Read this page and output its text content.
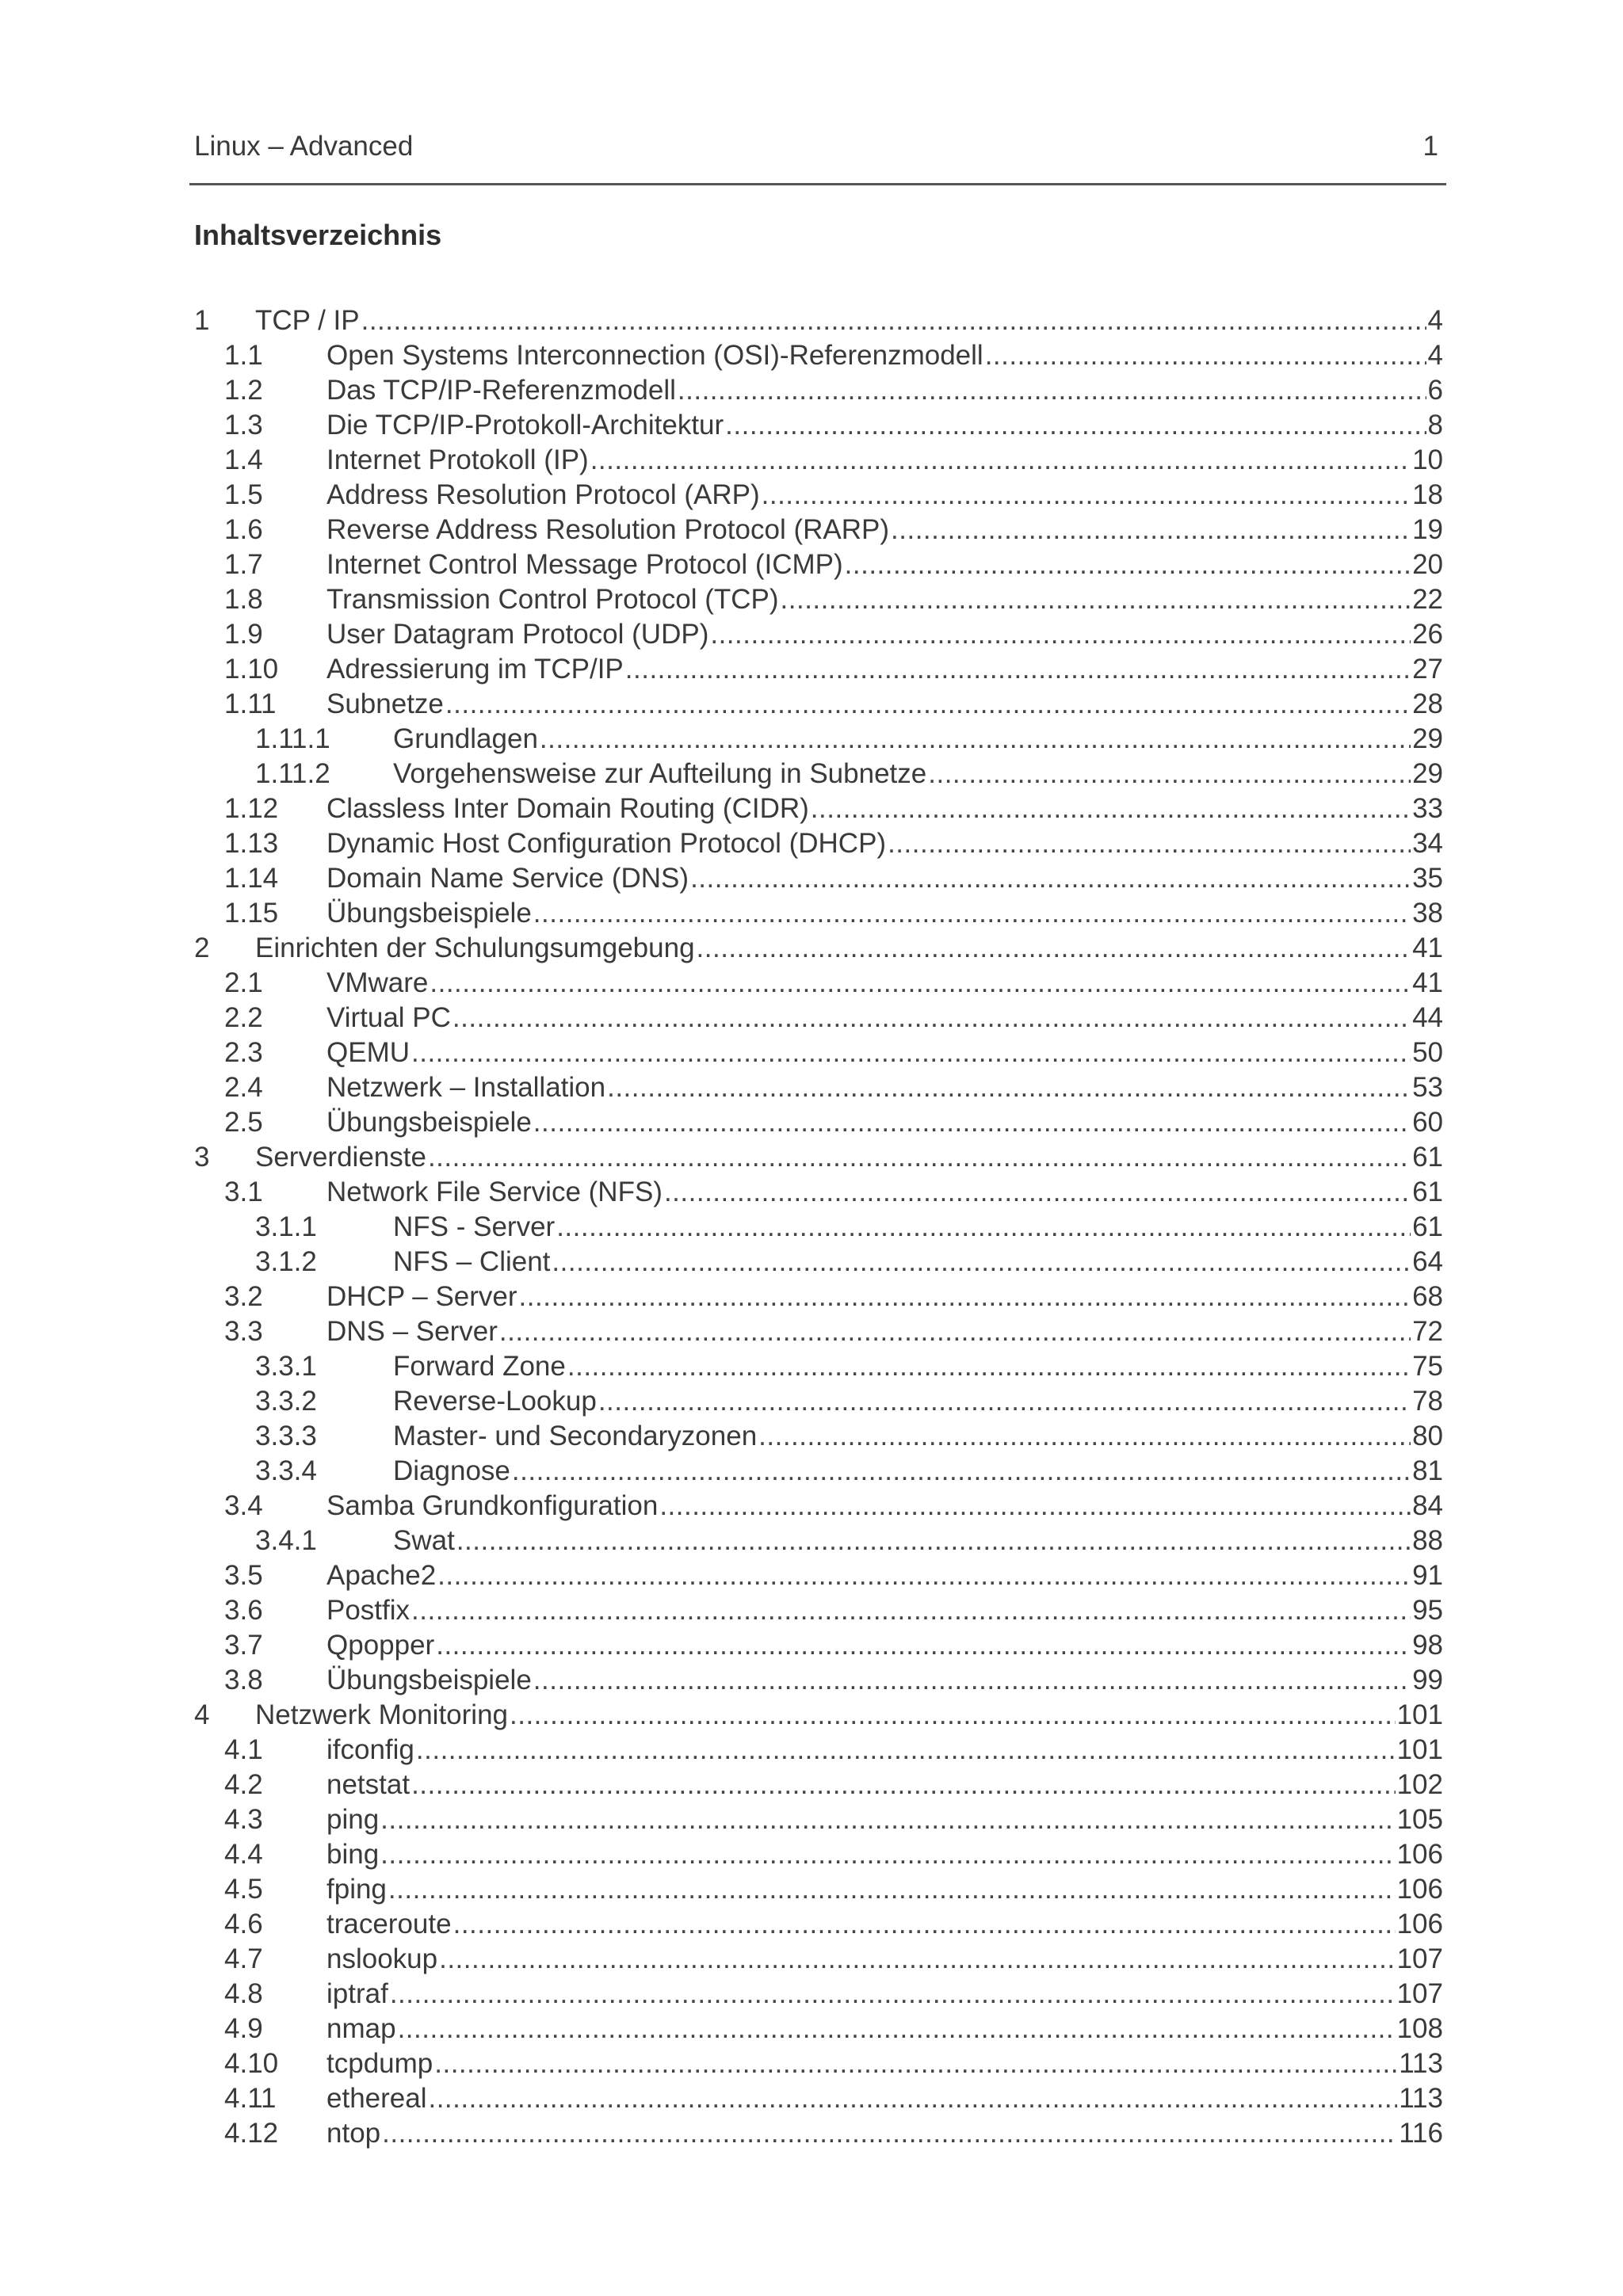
Linux – Advanced	1
Inhaltsverzeichnis
1 TCP / IP .....	4
1.1 Open Systems Interconnection (OSI)-Referenzmodell .....	4
1.2 Das TCP/IP-Referenzmodell .....	6
1.3 Die TCP/IP-Protokoll-Architektur .....	8
1.4 Internet Protokoll (IP) .....	10
1.5 Address Resolution Protocol (ARP) .....	18
1.6 Reverse Address Resolution Protocol (RARP) .....	19
1.7 Internet Control Message Protocol (ICMP) .....	20
1.8 Transmission Control Protocol (TCP) .....	22
1.9 User Datagram Protocol (UDP) .....	26
1.10 Adressierung im TCP/IP .....	27
1.11 Subnetze .....	28
1.11.1 Grundlagen .....	29
1.11.2 Vorgehensweise zur Aufteilung in Subnetze .....	29
1.12 Classless Inter Domain Routing (CIDR) .....	33
1.13 Dynamic Host Configuration Protocol (DHCP) .....	34
1.14 Domain Name Service (DNS) .....	35
1.15 Übungsbeispiele .....	38
2 Einrichten der Schulungsumgebung .....	41
2.1 VMware .....	41
2.2 Virtual PC .....	44
2.3 QEMU .....	50
2.4 Netzwerk – Installation .....	53
2.5 Übungsbeispiele .....	60
3 Serverdienste .....	61
3.1 Network File Service (NFS) .....	61
3.1.1	NFS - Server .....	61
3.1.2	NFS – Client .....	64
3.2 DHCP – Server .....	68
3.3 DNS – Server .....	72
3.3.1	Forward Zone .....	75
3.3.2	Reverse-Lookup .....	78
3.3.3	Master- und Secondaryzonen .....	80
3.3.4	Diagnose .....	81
3.4 Samba Grundkonfiguration .....	84
3.4.1	Swat .....	88
3.5 Apache2 .....	91
3.6 Postfix .....	95
3.7 Qpopper .....	98
3.8 Übungsbeispiele .....	99
4 Netzwerk Monitoring .....	101
4.1 ifconfig .....	101
4.2 netstat .....	102
4.3 ping .....	105
4.4 bing .....	106
4.5 fping .....	106
4.6 traceroute .....	106
4.7 nslookup .....	107
4.8 iptraf .....	107
4.9 nmap .....	108
4.10 tcpdump .....	113
4.11 ethereal .....	113
4.12 ntop .....	116
